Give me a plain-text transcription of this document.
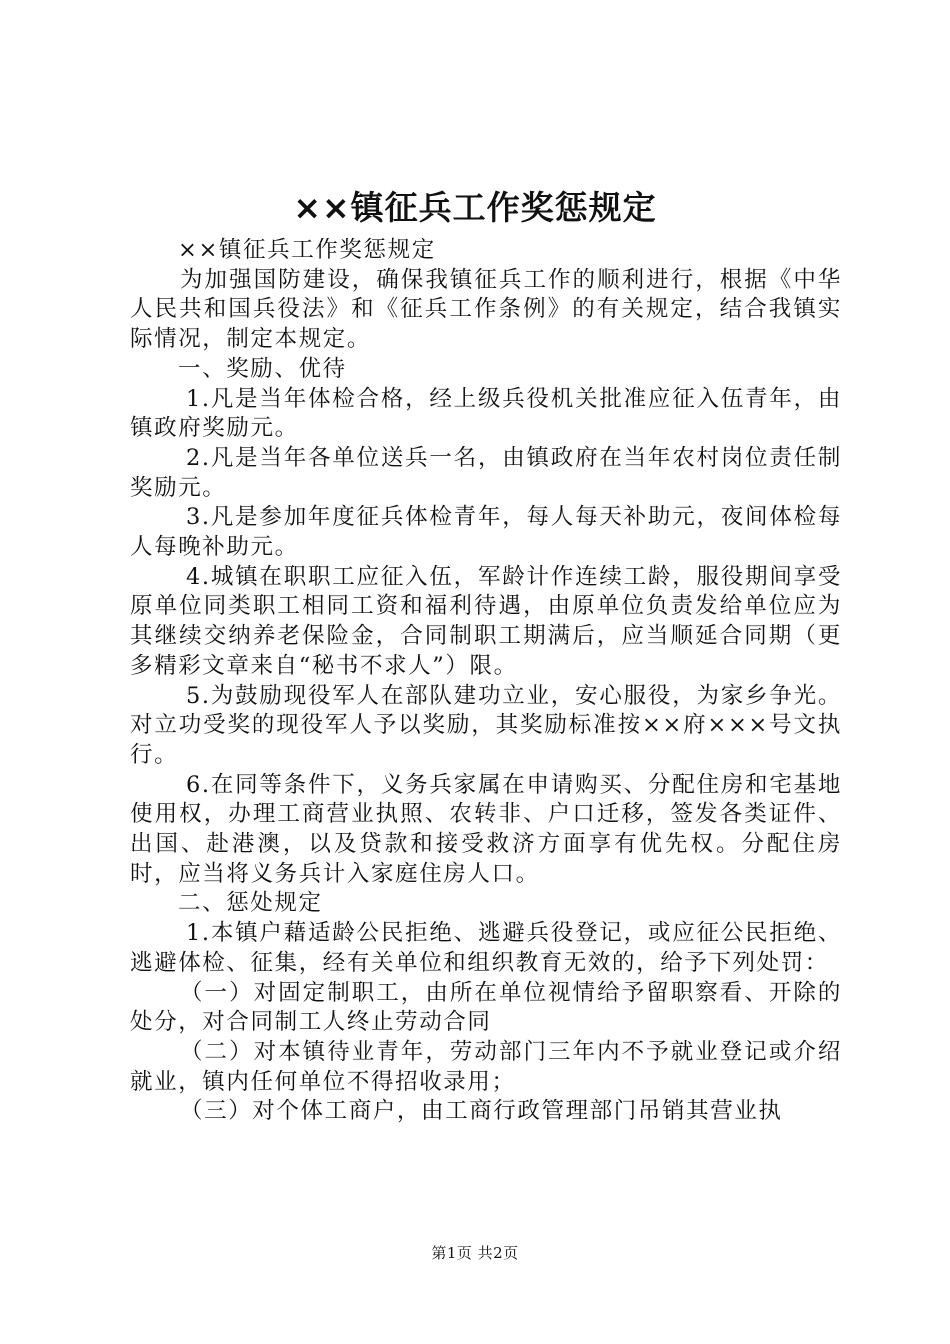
××镇征兵工作奖惩规定

××镇征兵工作奖惩规定

为加强国防建设，确保我镇征兵工作的顺利进行，根据《中华人民共和国兵役法》和《征兵工作条例》的有关规定，结合我镇实际情况，制定本规定。

一、奖励、优待

1.凡是当年体检合格，经上级兵役机关批准应征入伍青年，由镇政府奖励元。

2.凡是当年各单位送兵一名，由镇政府在当年农村岗位责任制奖励元。

3.凡是参加年度征兵体检青年，每人每天补助元，夜间体检每人每晚补助元。

4.城镇在职职工应征入伍，军龄计作连续工龄，服役期间享受原单位同类职工相同工资和福利待遇，由原单位负责发给单位应为其继续交纳养老保险金，合同制职工期满后，应当顺延合同期（更多精彩文章来自“秘书不求人”）限。

5.为鼓励现役军人在部队建功立业，安心服役，为家乡争光。对立功受奖的现役军人予以奖励，其奖励标准按××府×××号文执行。

6.在同等条件下，义务兵家属在申请购买、分配住房和宅基地使用权，办理工商营业执照、农转非、户口迁移，签发各类证件、出国、赴港澳，以及贷款和接受救济方面享有优先权。分配住房时，应当将义务兵计入家庭住房人口。

二、惩处规定

1.本镇户藉适龄公民拒绝、逃避兵役登记，或应征公民拒绝、逃避体检、征集，经有关单位和组织教育无效的，给予下列处罚：

（一）对固定制职工，由所在单位视情给予留职察看、开除的处分，对合同制工人终止劳动合同

（二）对本镇待业青年，劳动部门三年内不予就业登记或介绍就业，镇内任何单位不得招收录用；

（三）对个体工商户，由工商行政管理部门吊销其营业执

第1页 共2页
